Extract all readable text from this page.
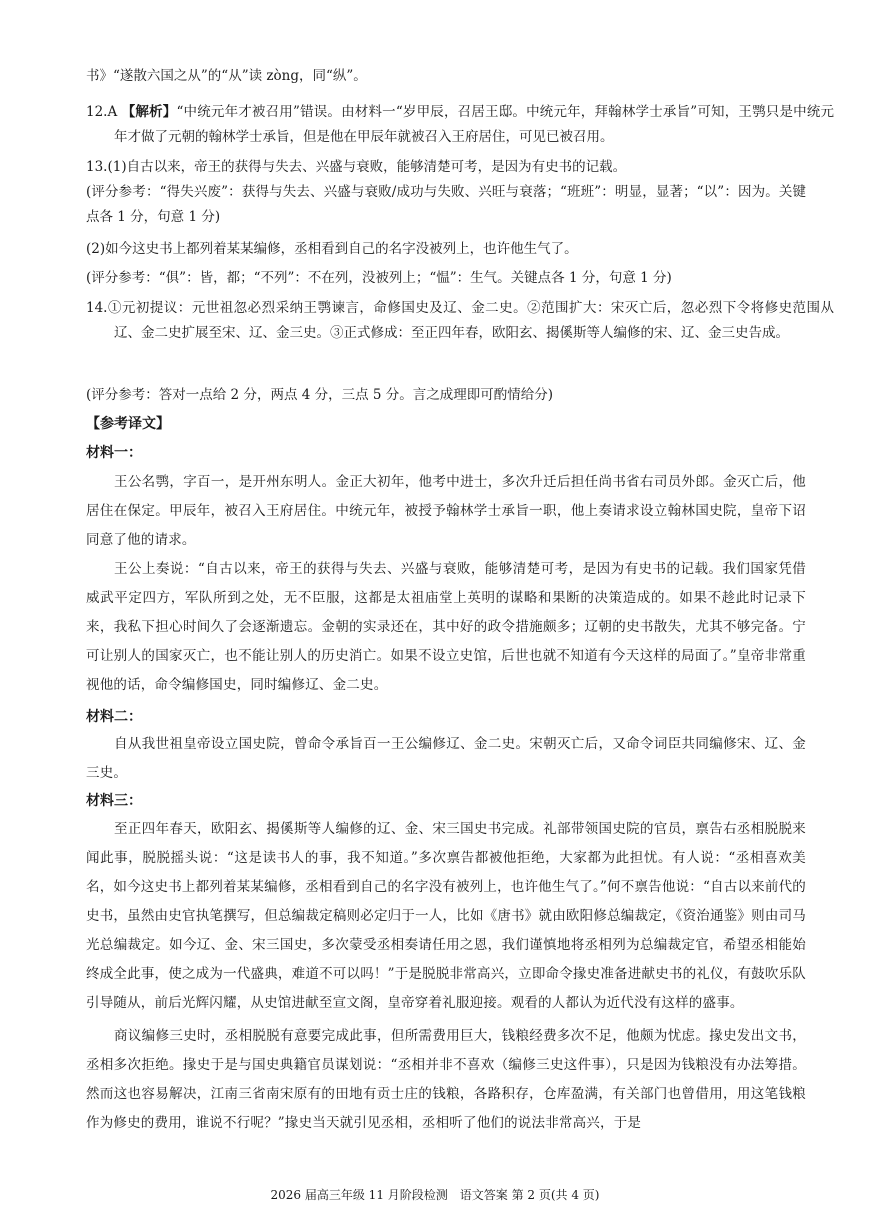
书》“遂散六国之从”的“从”读 zòng，同“纵”。

12.A 【解析】“中统元年才被召用”错误。由材料一“岁甲辰，召居王邸。中统元年，拜翰林学士承旨”可知，王鹗只是中统元年才做了元朝的翰林学士承旨，但是他在甲辰年就被召入王府居住，可见已被召用。

13.(1)自古以来，帝王的获得与失去、兴盛与衰败，能够清楚可考，是因为有史书的记载。

(评分参考：“得失兴废”：获得与失去、兴盛与衰败/成功与失败、兴旺与衰落；“班班”：明显，显著；“以”：因为。关键点各 1 分，句意 1 分)

(2)如今这史书上都列着某某编修，丞相看到自己的名字没被列上，也许他生气了。

(评分参考：“俱”：皆，都；“不列”：不在列，没被列上；“愠”：生气。关键点各 1 分，句意 1 分)

14.①元初提议：元世祖忽必烈采纳王鹗谏言，命修国史及辽、金二史。②范围扩大：宋灭亡后，忽必烈下令将修史范围从辽、金二史扩展至宋、辽、金三史。③正式修成：至正四年春，欧阳玄、揭傒斯等人编修的宋、辽、金三史告成。

(评分参考：答对一点给 2 分，两点 4 分，三点 5 分。言之成理即可酌情给分)

【参考译文】
材料一：

王公名鹗，字百一，是开州东明人。金正大初年，他考中进士，多次升迁后担任尚书省右司员外郎。金灭亡后，他居住在保定。甲辰年，被召入王府居住。中统元年，被授予翰林学士承旨一职，他上奏请求设立翰林国史院，皇帝下诏同意了他的请求。

王公上奏说：“自古以来，帝王的获得与失去、兴盛与衰败，能够清楚可考，是因为有史书的记载。我们国家凭借威武平定四方，军队所到之处，无不臣服，这都是太祖庙堂上英明的谋略和果断的决策造成的。如果不趁此时记录下来，我私下担心时间久了会逐渐遗忘。金朝的实录还在，其中好的政令措施颇多；辽朝的史书散失，尤其不够完备。宁可让别人的国家灭亡，也不能让别人的历史消亡。如果不设立史馆，后世也就不知道有今天这样的局面了。”皇帝非常重视他的话，命令编修国史，同时编修辽、金二史。

材料二：

自从我世祖皇帝设立国史院，曾命令承旨百一王公编修辽、金二史。宋朝灭亡后，又命令词臣共同编修宋、辽、金三史。

材料三：

至正四年春天，欧阳玄、揭傒斯等人编修的辽、金、宋三国史书完成。礼部带领国史院的官员，禀告右丞相脱脱来闻此事，脱脱摇头说：“这是读书人的事，我不知道。”多次禀告都被他拒绝，大家都为此担忧。有人说：“丞相喜欢美名，如今这史书上都列着某某编修，丞相看到自己的名字没有被列上，也许他生气了。”何不禀告他说：“自古以来前代的史书，虽然由史官执笔撰写，但总编裁定稿则必定归于一人，比如《唐书》就由欧阳修总编裁定，《资治通鉴》则由司马光总编裁定。如今辽、金、宋三国史，多次蒙受丞相奏请任用之恩，我们谨慎地将丞相列为总编裁定官，希望丞相能始终成全此事，使之成为一代盛典，难道不可以吗！”于是脱脱非常高兴，立即命令掾史准备进献史书的礼仪，有鼓吹乐队引导随从，前后光辉闪耀，从史馆进献至宣文阁，皇帝穿着礼服迎接。观看的人都认为近代没有这样的盛事。

商议编修三史时，丞相脱脱有意要完成此事，但所需费用巨大，钱粮经费多次不足，他颇为忧虑。掾史发出文书，丞相多次拒绝。掾史于是与国史典籍官员谋划说：“丞相并非不喜欢（编修三史这件事），只是因为钱粮没有办法筹措。然而这也容易解决，江南三省南宋原有的田地有贡士庄的钱粮，各路积存，仓库盈满，有关部门也曾借用，用这笔钱粮作为修史的费用，谁说不行呢？”掾史当天就引见丞相，丞相听了他们的说法非常高兴，于是

2026 届高三年级 11 月阶段检测　语文答案 第 2 页(共 4 页)
